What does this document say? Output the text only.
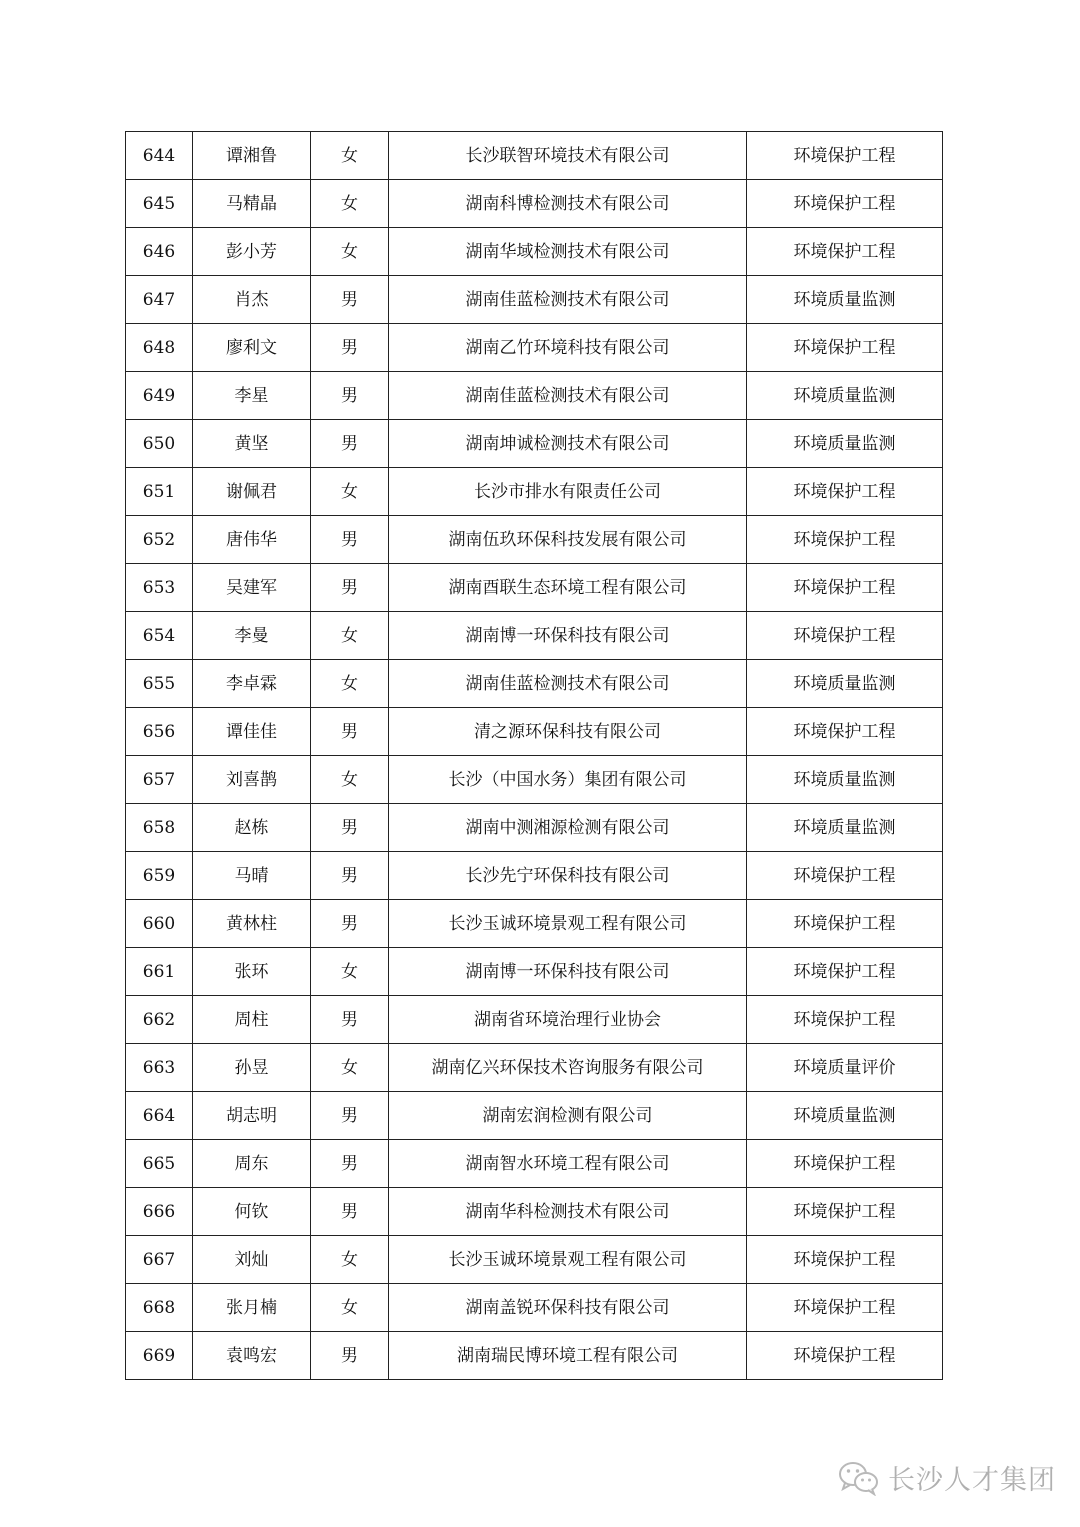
644	谭湘鲁	女	长沙联智环境技术有限公司	环境保护工程
645	马精晶	女	湖南科博检测技术有限公司	环境保护工程
646	彭小芳	女	湖南华域检测技术有限公司	环境保护工程
647	肖杰	男	湖南佳蓝检测技术有限公司	环境质量监测
648	廖利文	男	湖南乙竹环境科技有限公司	环境保护工程
649	李星	男	湖南佳蓝检测技术有限公司	环境质量监测
650	黄坚	男	湖南坤诚检测技术有限公司	环境质量监测
651	谢佩君	女	长沙市排水有限责任公司	环境保护工程
652	唐伟华	男	湖南伍玖环保科技发展有限公司	环境保护工程
653	吴建军	男	湖南酉联生态环境工程有限公司	环境保护工程
654	李曼	女	湖南博一环保科技有限公司	环境保护工程
655	李卓霖	女	湖南佳蓝检测技术有限公司	环境质量监测
656	谭佳佳	男	清之源环保科技有限公司	环境保护工程
657	刘喜鹊	女	长沙（中国水务）集团有限公司	环境质量监测
658	赵栋	男	湖南中测湘源检测有限公司	环境质量监测
659	马晴	男	长沙先宁环保科技有限公司	环境保护工程
660	黄林柱	男	长沙玉诚环境景观工程有限公司	环境保护工程
661	张环	女	湖南博一环保科技有限公司	环境保护工程
662	周柱	男	湖南省环境治理行业协会	环境保护工程
663	孙昱	女	湖南亿兴环保技术咨询服务有限公司	环境质量评价
664	胡志明	男	湖南宏润检测有限公司	环境质量监测
665	周东	男	湖南智水环境工程有限公司	环境保护工程
666	何钦	男	湖南华科检测技术有限公司	环境保护工程
667	刘灿	女	长沙玉诚环境景观工程有限公司	环境保护工程
668	张月楠	女	湖南盖锐环保科技有限公司	环境保护工程
669	袁鸣宏	男	湖南瑞民博环境工程有限公司	环境保护工程
长沙人才集团
